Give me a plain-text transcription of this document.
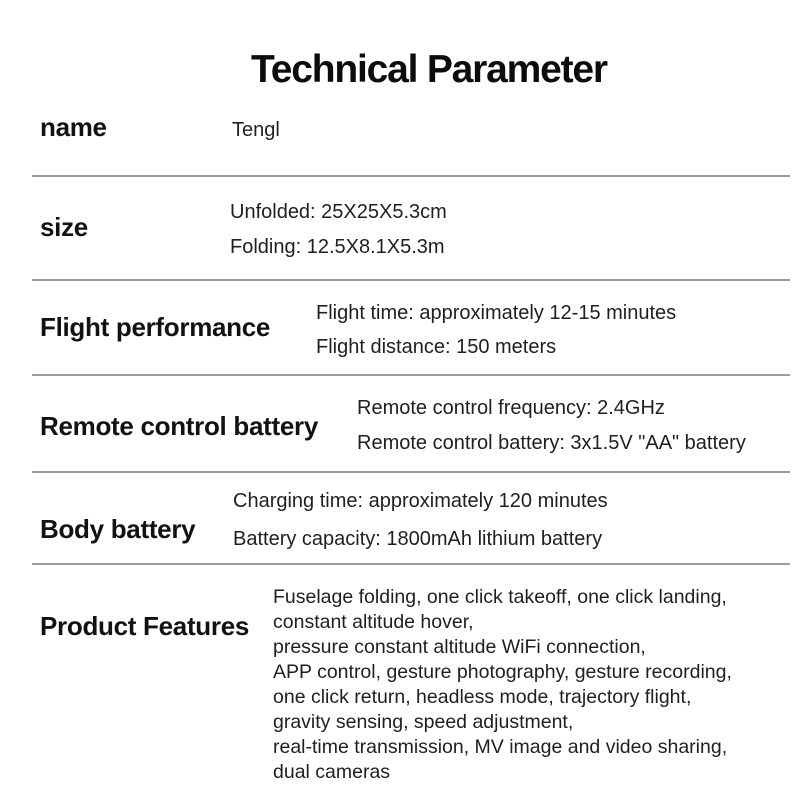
Technical Parameter
name	Tengl
size	Unfolded: 25X25X5.3cm
Folding: 12.5X8.1X5.3m
Flight performance Flight time: approximately 12-15 minutes
Flight distance: 150 meters
Remote control battery
Remote control frequency: 2.4GHz
Remote control battery: 3x1.5V "AA" battery
Body battery
Charging time: approximately 120 minutes
Battery capacity: 1800mAh lithium battery
Product Features
Fuselage folding, one click takeoff, one click landing,
constant altitude hover,
pressure constant altitude WiFi connection,
APP control, gesture photography, gesture recording,
one click return, headless mode, trajectory flight,
gravity sensing, speed adjustment,
real-time transmission, MV image and video sharing,
dual cameras
